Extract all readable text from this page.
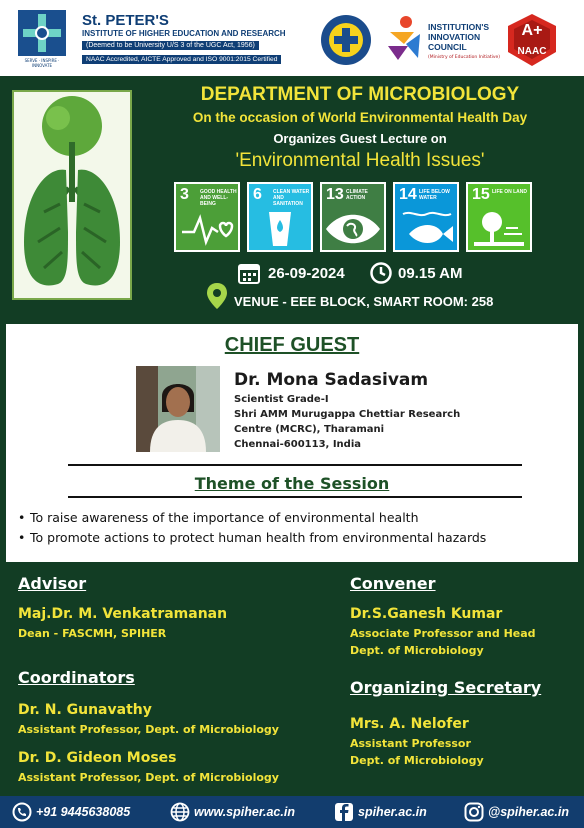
SERVE · INSPIRE · INNOVATE
St. PETER'S
INSTITUTE OF HIGHER EDUCATION AND RESEARCH
(Deemed to be University U/S 3 of the UGC Act, 1956)
NAAC Accredited, AICTE Approved and ISO 9001:2015 Certified
INSTITUTION'S
INNOVATION
COUNCIL
(Ministry of Education Initiative)
A+
NAAC
DEPARTMENT OF MICROBIOLOGY
On the occasion of World Environmental Health Day
Organizes Guest Lecture on
'Environmental Health Issues'
3 GOOD HEALTH AND WELL-BEING
6 CLEAN WATER AND SANITATION
13 CLIMATE ACTION	14 LIFE BELOW WATER	15 LIFE ON LAND
26-09-2024	09.15 AM
VENUE - EEE BLOCK, SMART ROOM: 258
CHIEF GUEST
Dr. Mona Sadasivam
Scientist Grade-I
Shri AMM Murugappa Chettiar Research
Centre (MCRC), Tharamani
Chennai-600113, India
Theme of the Session
• To raise awareness of the importance of environmental health
• To promote actions to protect human health from environmental hazards
Advisor
Maj.Dr. M. Venkatramanan
Dean - FASCMH, SPIHER
Coordinators
Dr. N. Gunavathy
Assistant Professor, Dept. of Microbiology
Dr. D. Gideon Moses
Assistant Professor, Dept. of Microbiology
Convener
Dr.S.Ganesh Kumar
Associate Professor and Head
Dept. of Microbiology
Organizing Secretary
Mrs. A. Nelofer
Assistant Professor
Dept. of Microbiology
+91 9445638085	www.spiher.ac.in	spiher.ac.in	@spiher.ac.in
